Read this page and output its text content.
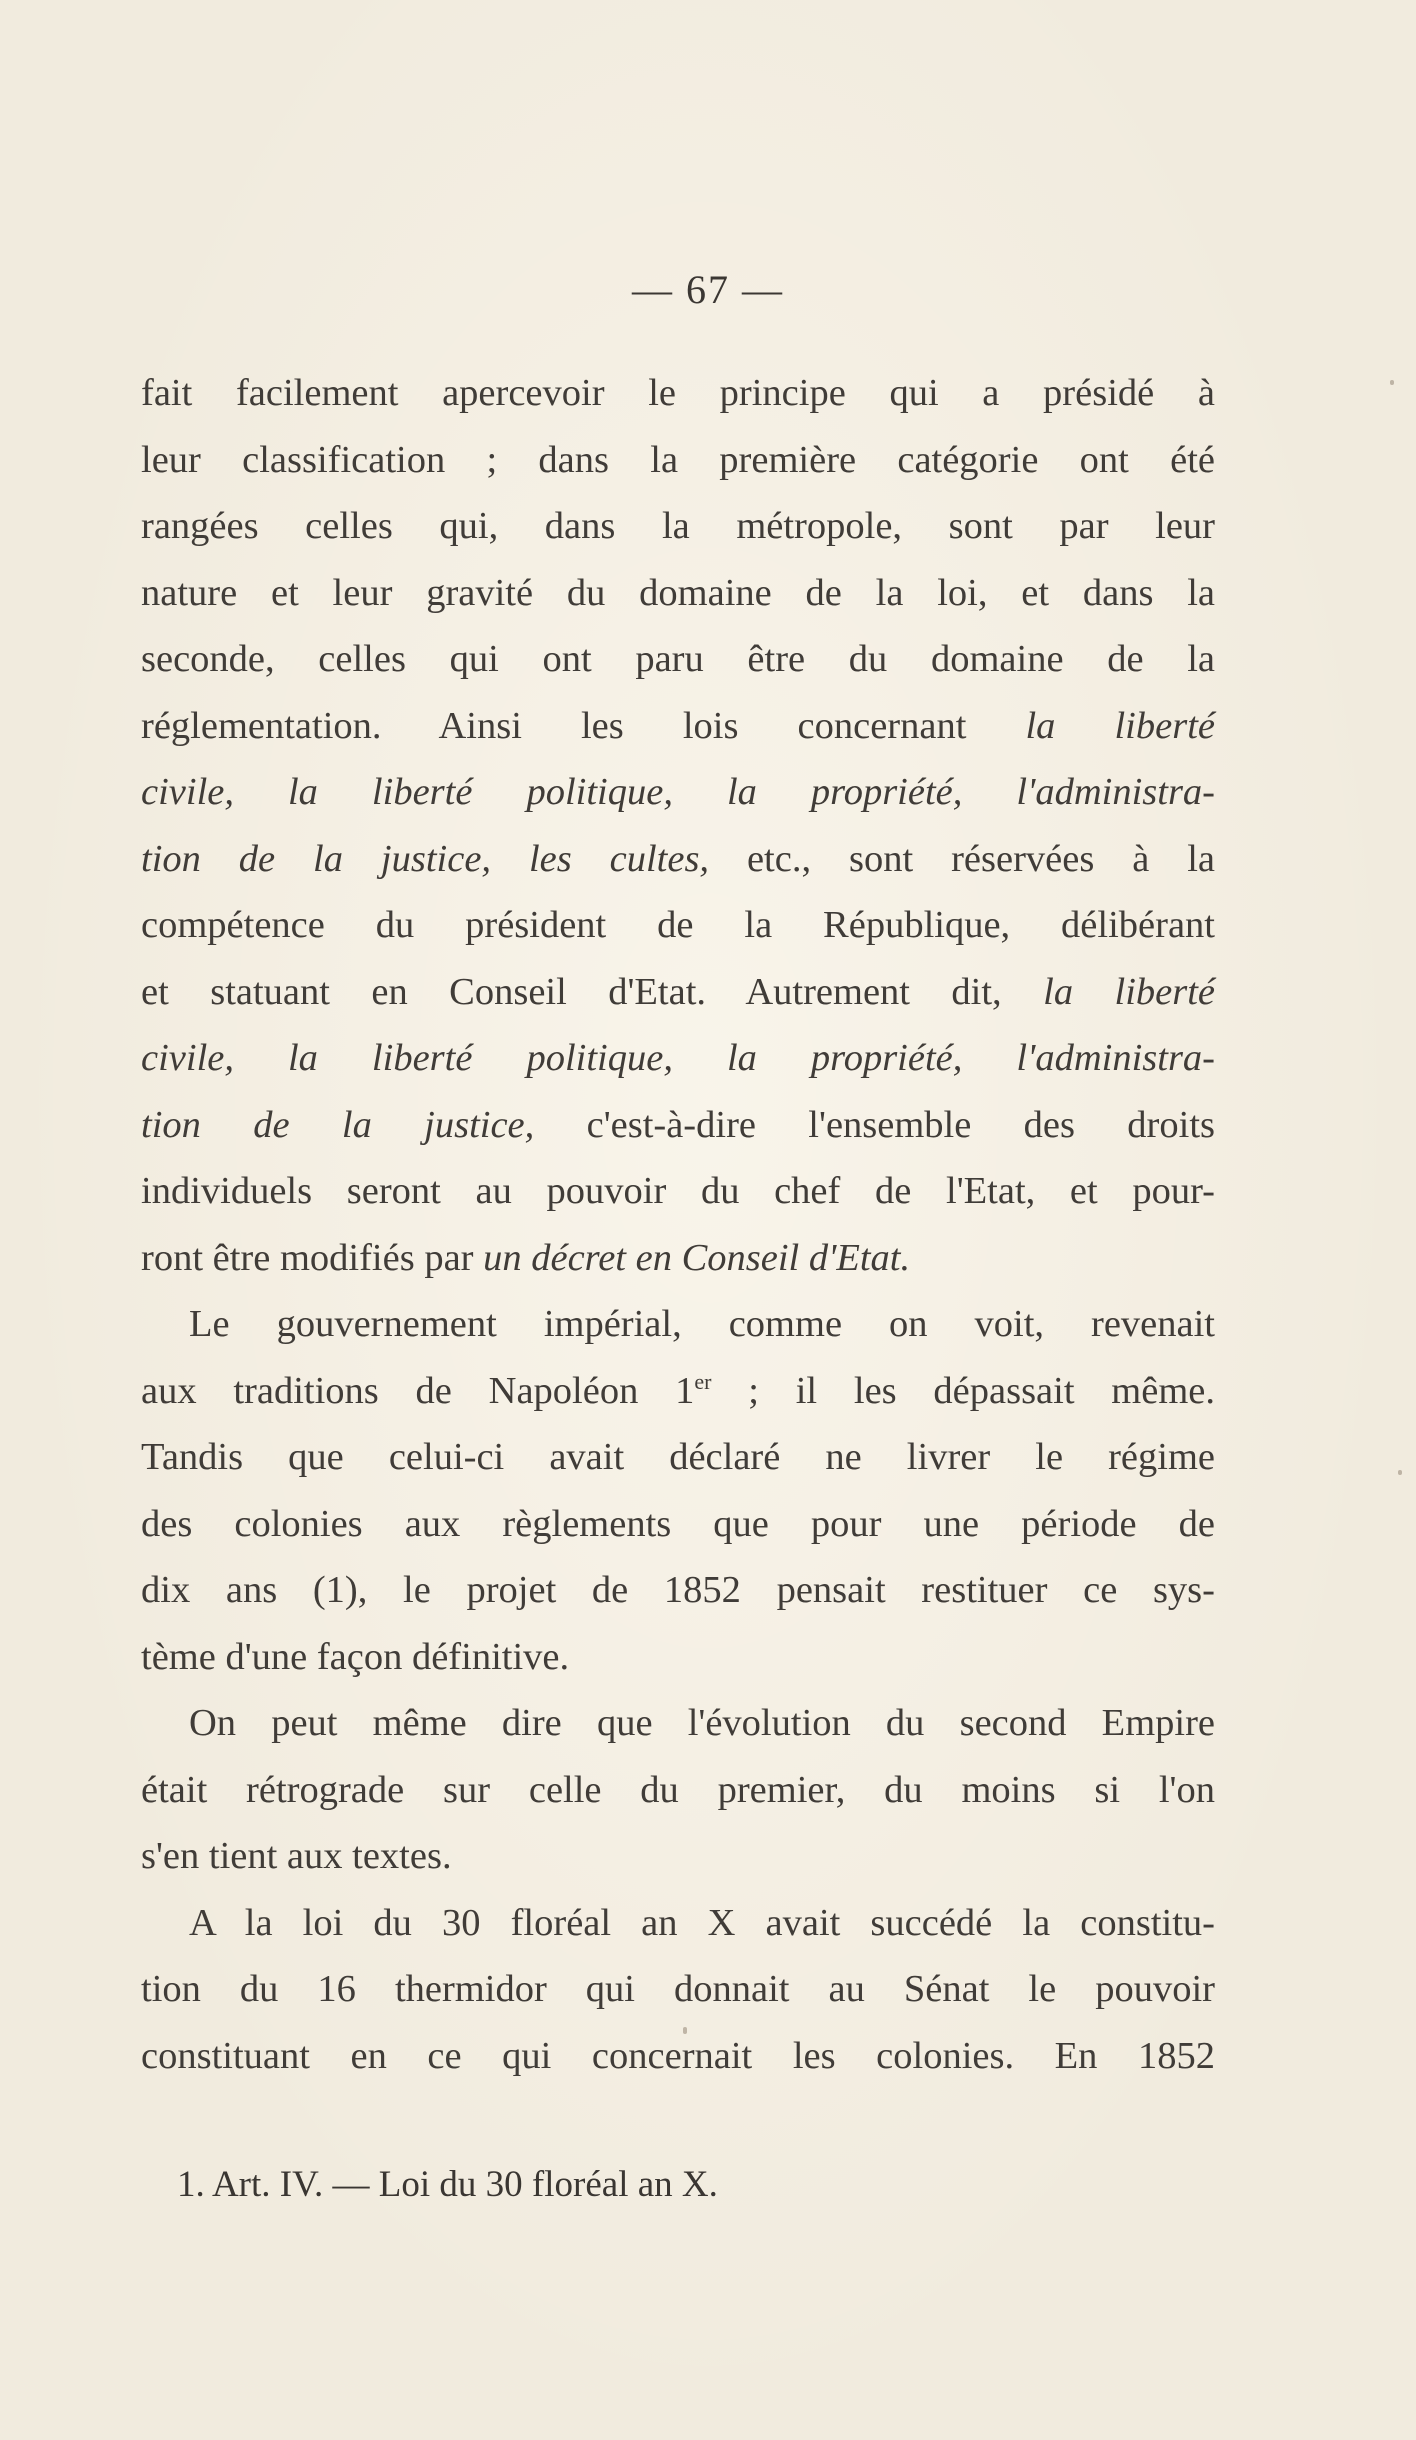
— 67 —
fait facilement apercevoir le principe qui a présidé à
leur classification ; dans la première catégorie ont été
rangées celles qui, dans la métropole, sont par leur
nature et leur gravité du domaine de la loi, et dans la
seconde, celles qui ont paru être du domaine de la
réglementation. Ainsi les lois concernant la liberté
civile, la liberté politique, la propriété, l'administra-
tion de la justice, les cultes, etc., sont réservées à la
compétence du président de la République, délibérant
et statuant en Conseil d'Etat. Autrement dit, la liberté
civile, la liberté politique, la propriété, l'administra-
tion de la justice, c'est-à-dire l'ensemble des droits
individuels seront au pouvoir du chef de l'Etat, et pour-
ront être modifiés par un décret en Conseil d'Etat.
Le gouvernement impérial, comme on voit, revenait
aux traditions de Napoléon 1er ; il les dépassait même.
Tandis que celui-ci avait déclaré ne livrer le régime
des colonies aux règlements que pour une période de
dix ans (1), le projet de 1852 pensait restituer ce sys-
tème d'une façon définitive.
On peut même dire que l'évolution du second Empire
était rétrograde sur celle du premier, du moins si l'on
s'en tient aux textes.
A la loi du 30 floréal an X avait succédé la constitu-
tion du 16 thermidor qui donnait au Sénat le pouvoir
constituant en ce qui concernait les colonies. En 1852
1. Art. IV. — Loi du 30 floréal an X.
